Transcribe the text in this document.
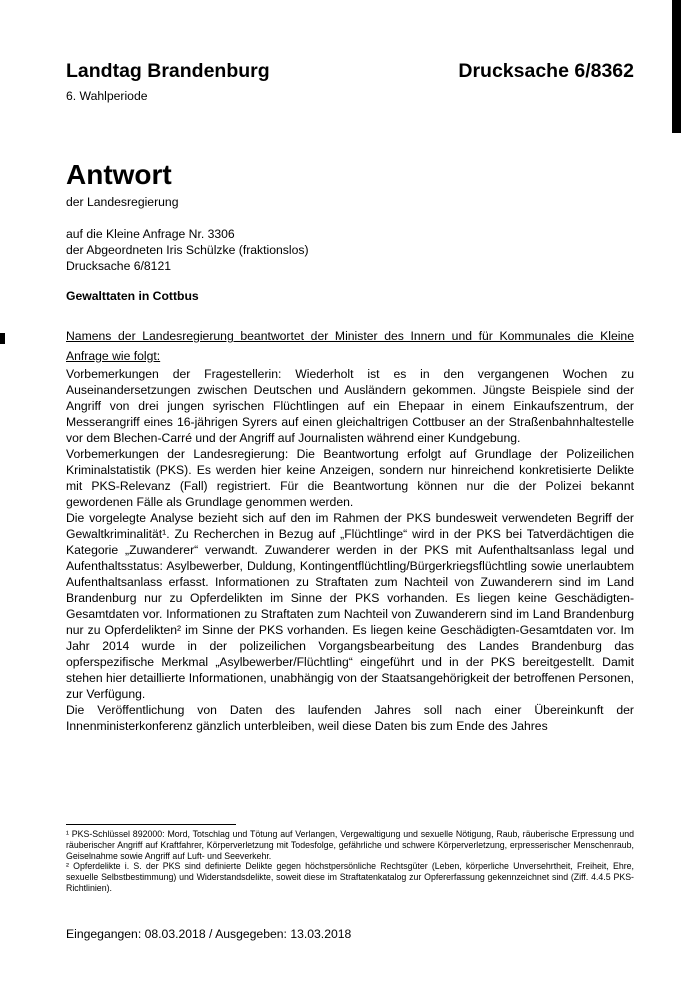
Landtag Brandenburg	Drucksache 6/8362
6. Wahlperiode
Antwort
der Landesregierung
auf die Kleine Anfrage Nr. 3306
der Abgeordneten Iris Schülzke (fraktionslos)
Drucksache 6/8121
Gewalttaten in Cottbus

Namens der Landesregierung beantwortet der Minister des Innern und für Kommunales die Kleine Anfrage wie folgt:

Vorbemerkungen der Fragestellerin: Wiederholt ist es in den vergangenen Wochen zu Auseinandersetzungen zwischen Deutschen und Ausländern gekommen. Jüngste Beispiele sind der Angriff von drei jungen syrischen Flüchtlingen auf ein Ehepaar in einem Einkaufszentrum, der Messerangriff eines 16-jährigen Syrers auf einen gleichaltrigen Cottbuser an der Straßenbahnhaltestelle vor dem Blechen-Carré und der Angriff auf Journalisten während einer Kundgebung.

Vorbemerkungen der Landesregierung: Die Beantwortung erfolgt auf Grundlage der Polizeilichen Kriminalstatistik (PKS). Es werden hier keine Anzeigen, sondern nur hinreichend konkretisierte Delikte mit PKS-Relevanz (Fall) registriert. Für die Beantwortung können nur die der Polizei bekannt gewordenen Fälle als Grundlage genommen werden.

Die vorgelegte Analyse bezieht sich auf den im Rahmen der PKS bundesweit verwendeten Begriff der Gewaltkriminalität¹. Zu Recherchen in Bezug auf „Flüchtlinge“ wird in der PKS bei Tatverdächtigen die Kategorie „Zuwanderer“ verwandt. Zuwanderer werden in der PKS mit Aufenthaltsanlass legal und Aufenthaltsstatus: Asylbewerber, Duldung, Kontingentflüchtling/Bürgerkriegsflüchtling sowie unerlaubtem Aufenthaltsanlass erfasst. Informationen zu Straftaten zum Nachteil von Zuwanderern sind im Land Brandenburg nur zu Opferdelikten im Sinne der PKS vorhanden. Es liegen keine Geschädigten-Gesamtdaten vor. Informationen zu Straftaten zum Nachteil von Zuwanderern sind im Land Brandenburg nur zu Opferdelikten² im Sinne der PKS vorhanden. Es liegen keine Geschädigten-Gesamtdaten vor. Im Jahr 2014 wurde in der polizeilichen Vorgangsbearbeitung des Landes Brandenburg das opferspezifische Merkmal „Asylbewerber/Flüchtling“ eingeführt und in der PKS bereitgestellt. Damit stehen hier detaillierte Informationen, unabhängig von der Staatsangehörigkeit der betroffenen Personen, zur Verfügung.

Die Veröffentlichung von Daten des laufenden Jahres soll nach einer Übereinkunft der Innenministerkonferenz gänzlich unterbleiben, weil diese Daten bis zum Ende des Jahres

¹ PKS-Schlüssel 892000: Mord, Totschlag und Tötung auf Verlangen, Vergewaltigung und sexuelle Nötigung, Raub, räuberische Erpressung und räuberischer Angriff auf Kraftfahrer, Körperverletzung mit Todesfolge, gefährliche und schwere Körperverletzung, erpresserischer Menschenraub, Geiselnahme sowie Angriff auf Luft- und Seeverkehr.

² Opferdelikte i. S. der PKS sind definierte Delikte gegen höchstpersönliche Rechtsgüter (Leben, körperliche Unversehrtheit, Freiheit, Ehre, sexuelle Selbstbestimmung) und Widerstandsdelikte, soweit diese im Straftatenkatalog zur Opfererfassung gekennzeichnet sind (Ziff. 4.4.5 PKS-Richtlinien).

Eingegangen: 08.03.2018 / Ausgegeben: 13.03.2018
